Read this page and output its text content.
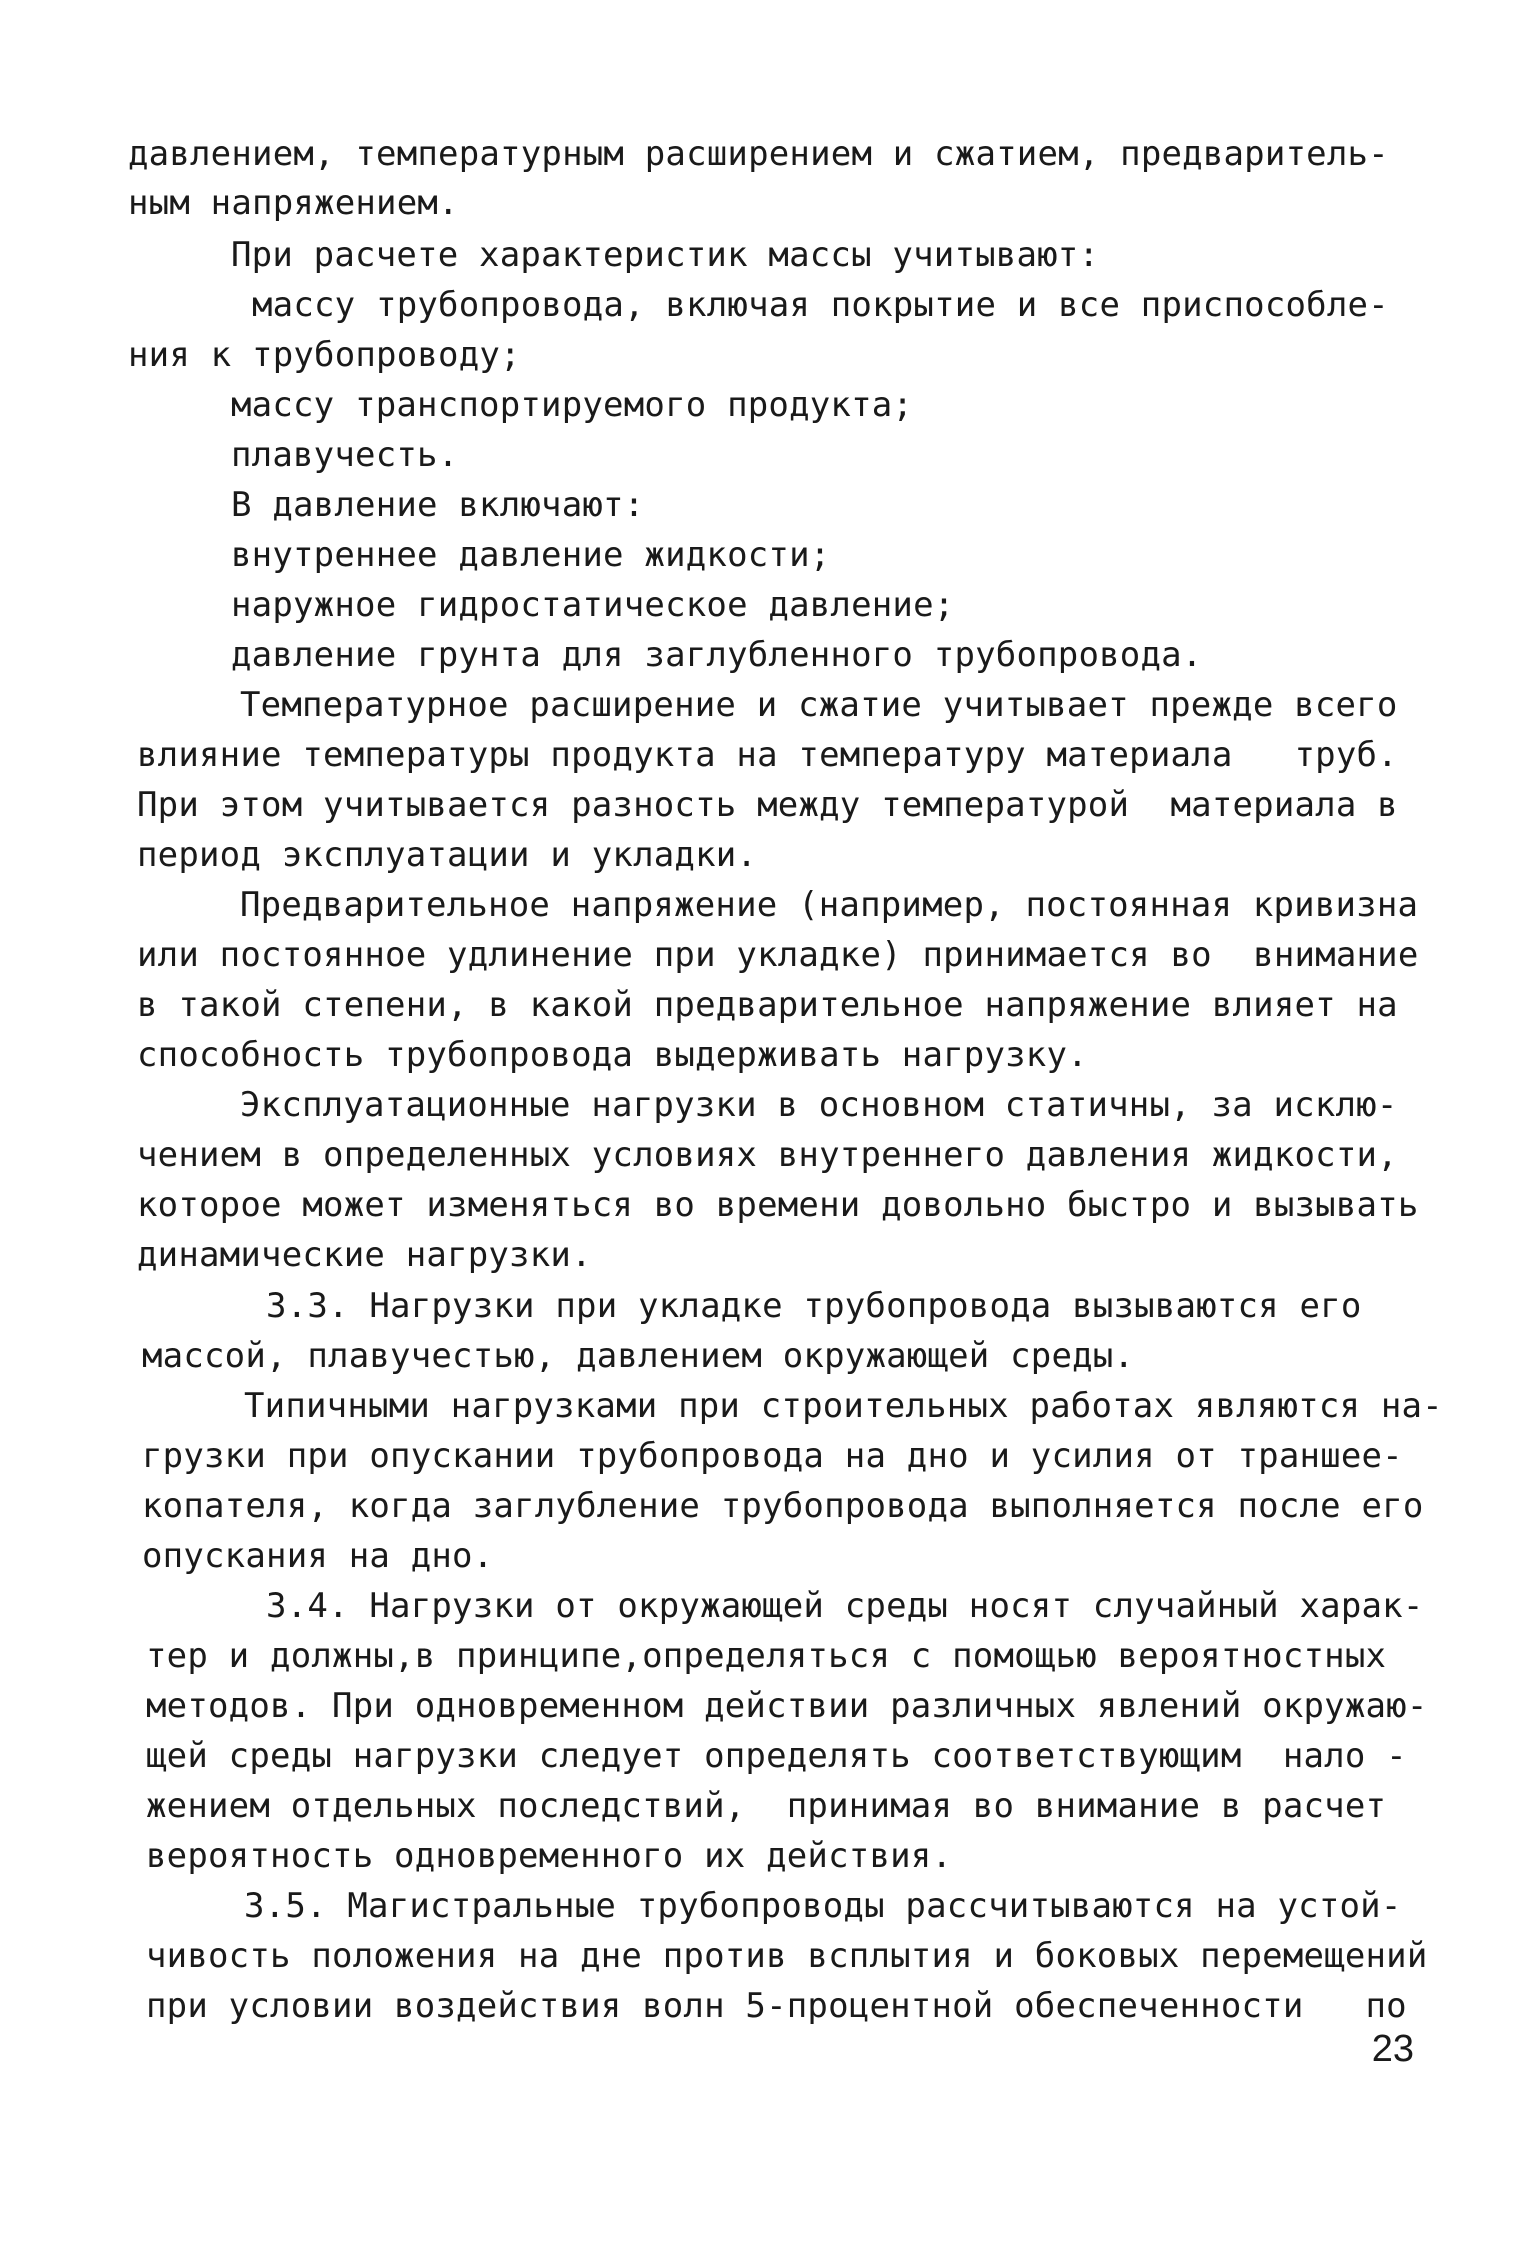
давлением, температурным расширением и сжатием, предваритель-
ным напряжением.
При расчете характеристик массы учитывают:
массу трубопровода, включая покрытие и все приспособле-
ния к трубопроводу;
массу транспортируемого продукта;
плавучесть.
В давление включают:
внутреннее давление жидкости;
наружное гидростатическое давление;
давление грунта для заглубленного трубопровода.
Температурное расширение и сжатие учитывает прежде всего
влияние температуры продукта на температуру материала   труб.
При этом учитывается разность между температурой  материала в
период эксплуатации и укладки.
Предварительное напряжение (например, постоянная кривизна
или постоянное удлинение при укладке) принимается во  внимание
в такой степени, в какой предварительное напряжение влияет на
способность трубопровода выдерживать нагрузку.
Эксплуатационные нагрузки в основном статичны, за исклю-
чением в определенных условиях внутреннего давления жидкости,
которое может изменяться во времени довольно быстро и вызывать
динамические нагрузки.
3.3. Нагрузки при укладке трубопровода вызываются его
массой, плавучестью, давлением окружающей среды.
Типичными нагрузками при строительных работах являются на-
грузки при опускании трубопровода на дно и усилия от траншее-
копателя, когда заглубление трубопровода выполняется после его
опускания на дно.
3.4. Нагрузки от окружающей среды носят случайный харак-
тер и должны,в принципе,определяться с помощью вероятностных
методов. При одновременном действии различных явлений окружаю-
щей среды нагрузки следует определять соответствующим  нало -
жением отдельных последствий,  принимая во внимание в расчет
вероятность одновременного их действия.
3.5. Магистральные трубопроводы рассчитываются на устой-
чивость положения на дне против всплытия и боковых перемещений
при условии воздействия волн 5-процентной обеспеченности   по
23
